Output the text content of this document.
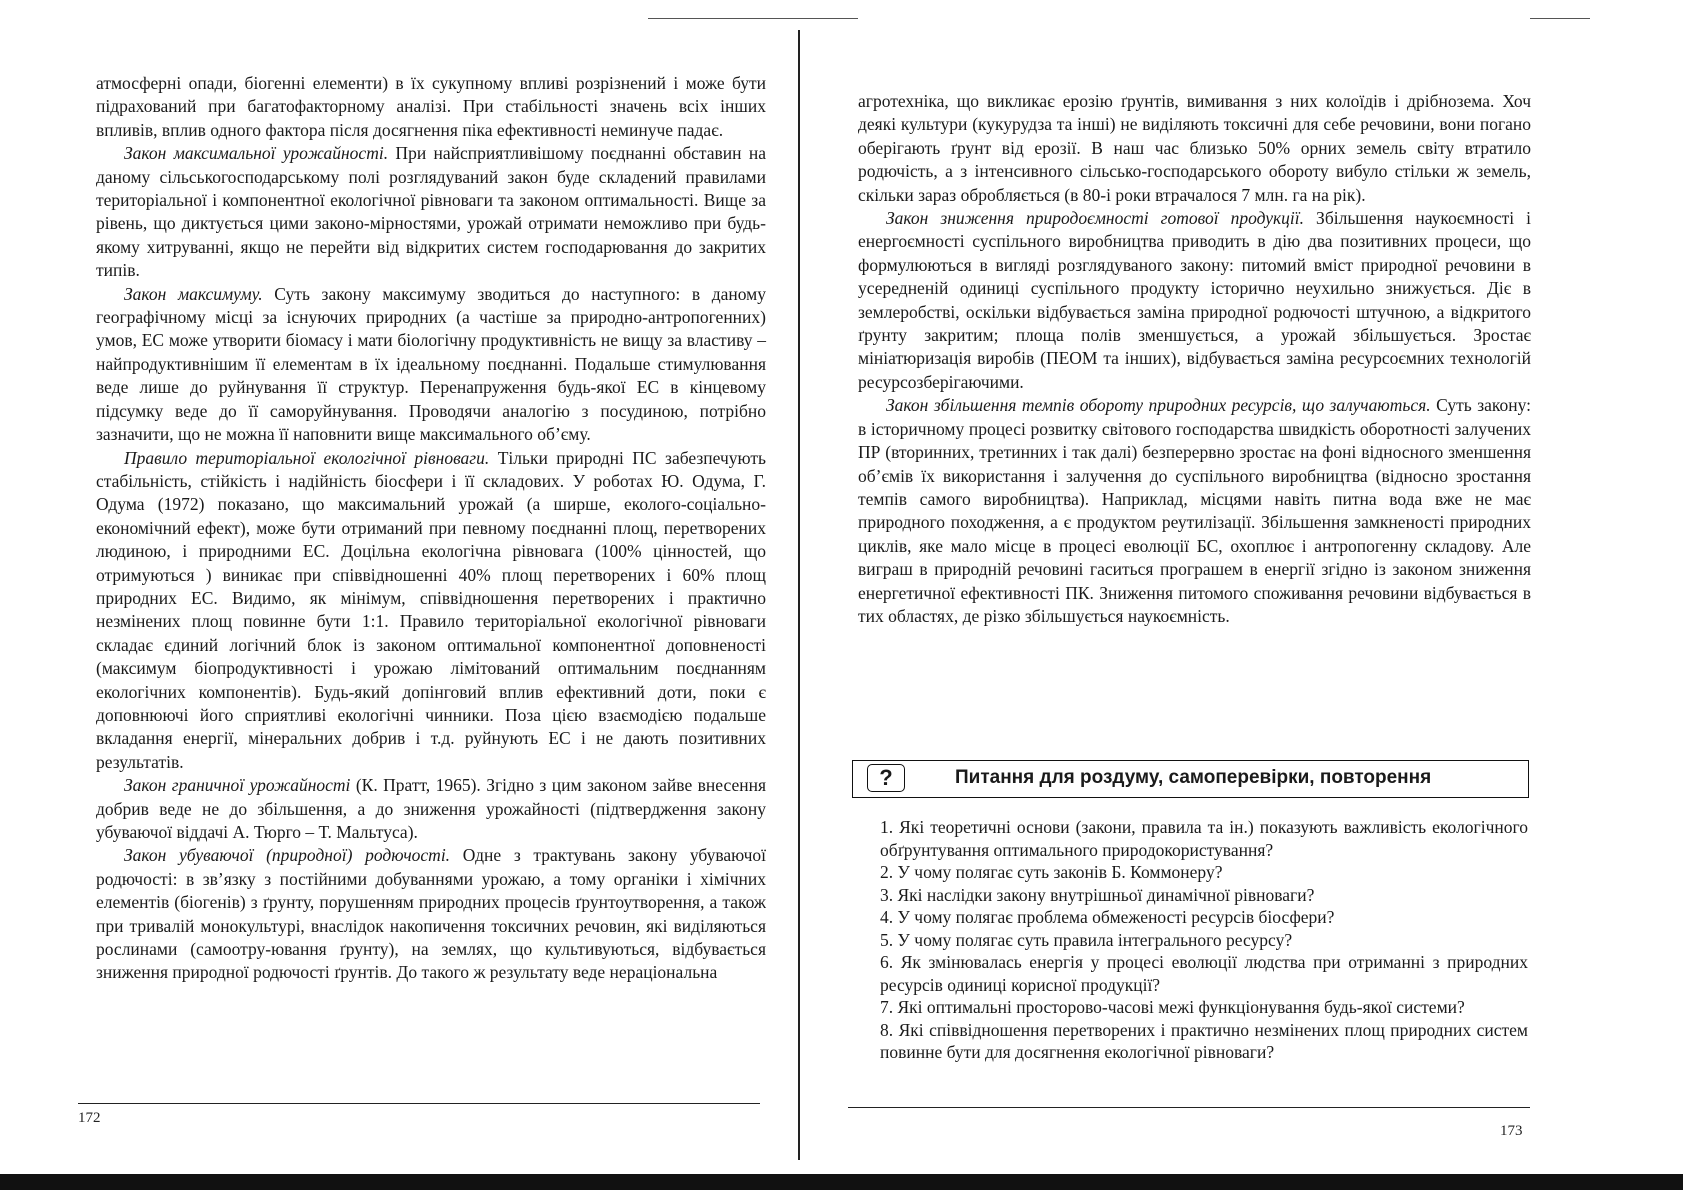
атмосферні опади, біогенні елементи) в їх сукупному впливі розрізнений і може бути підрахований при багатофакторному аналізі. При стабільності значень всіх інших впливів, вплив одного фактора після досягнення піка ефективності неминуче падає.

Закон максимальної урожайності. При найсприятливішому поєднанні обставин на даному сільськогосподарському полі розглядуваний закон буде складений правилами територіальної і компонентної екологічної рівноваги та законом оптимальності. Вище за рівень, що диктується цими законо-мірностями, урожай отримати неможливо при будь-якому хитруванні, якщо не перейти від відкритих систем господарювання до закритих типів.

Закон максимуму. Суть закону максимуму зводиться до наступного: в даному географічному місці за існуючих природних (а частіше за природно-антропогенних) умов, ЕС може утворити біомасу і мати біологічну продуктивність не вищу за властиву – найпродуктивнішим її елементам в їх ідеальному поєднанні. Подальше стимулювання веде лише до руйнування її структур. Перенапруження будь-якої ЕС в кінцевому підсумку веде до її саморуйнування. Проводячи аналогію з посудиною, потрібно зазначити, що не можна її наповнити вище максимального об’єму.

Правило територіальної екологічної рівноваги. Тільки природні ПС забезпечують стабільність, стійкість і надійність біосфери і її складових. У роботах Ю. Одума, Г. Одума (1972) показано, що максимальний урожай (а ширше, еколого-соціально-економічний ефект), може бути отриманий при певному поєднанні площ, перетворених людиною, і природними ЕС. Доцільна екологічна рівновага (100% цінностей, що отримуються ) виникає при співвідношенні 40% площ перетворених і 60% площ природних ЕС. Видимо, як мінімум, співвідношення перетворених і практично незмінених площ повинне бути 1:1. Правило територіальної екологічної рівноваги складає єдиний логічний блок із законом оптимальної компонентної доповненості (максимум біопродуктивності і урожаю лімітований оптимальним поєднанням екологічних компонентів). Будь-який допінговий вплив ефективний доти, поки є доповнюючі його сприятливі екологічні чинники. Поза цією взаємодією подальше вкладання енергії, мінеральних добрив і т.д. руйнують ЕС і не дають позитивних результатів.

Закон граничної урожайності (К. Пратт, 1965). Згідно з цим законом зайве внесення добрив веде не до збільшення, а до зниження урожайності (підтвердження закону убуваючої віддачі А. Тюрго – Т. Мальтуса).

Закон убуваючої (природної) родючості. Одне з трактувань закону убуваючої родючості: в зв’язку з постійними добуваннями урожаю, а тому органіки і хімічних елементів (біогенів) з ґрунту, порушенням природних процесів ґрунтоутворення, а також при тривалій монокультурі, внаслідок накопичення токсичних речовин, які виділяються рослинами (самоотру-ювання ґрунту), на землях, що культивуються, відбувається зниження природної родючості ґрунтів. До такого ж результату веде нераціональна

172

агротехніка, що викликає ерозію ґрунтів, вимивання з них колоїдів і дрібнозема. Хоч деякі культури (кукурудза та інші) не виділяють токсичні для себе речовини, вони погано оберігають ґрунт від ерозії. В наш час близько 50% орних земель світу втратило родючість, а з інтенсивного сільсько-господарського обороту вибуло стільки ж земель, скільки зараз обробляється (в 80-і роки втрачалося 7 млн. га на рік).

Закон зниження природоємності готової продукції. Збільшення наукоємності і енергоємності суспільного виробництва приводить в дію два позитивних процеси, що формулюються в вигляді розглядуваного закону: питомий вміст природної речовини в усередненій одиниці суспільного продукту історично неухильно знижується. Діє в землеробстві, оскільки відбувається заміна природної родючості штучною, а відкритого ґрунту закритим; площа полів зменшується, а урожай збільшується. Зростає мініатюризація виробів (ПЕОМ та інших), відбувається заміна ресурсоємних технологій ресурсозберігаючими.

Закон збільшення темпів обороту природних ресурсів, що залучаються. Суть закону: в історичному процесі розвитку світового господарства швидкість оборотності залучених ПР (вторинних, третинних і так далі) безперервно зростає на фоні відносного зменшення об’ємів їх використання і залучення до суспільного виробництва (відносно зростання темпів самого виробництва). Наприклад, місцями навіть питна вода вже не має природного походження, а є продуктом реутилізації. Збільшення замкненості природних циклів, яке мало місце в процесі еволюції БС, охоплює і антропогенну складову. Але виграш в природній речовині гаситься програшем в енергії згідно із законом зниження енергетичної ефективності ПК. Зниження питомого споживання речовини відбувається в тих областях, де різко збільшується наукоємність.

?	Питання для роздуму, самоперевірки, повторення
1. Які теоретичні основи (закони, правила та ін.) показують важливість екологічного обґрунтування оптимального природокористування?
2. У чому полягає суть законів Б. Коммонеру?
3. Які наслідки закону внутрішньої динамічної рівноваги?
4. У чому полягає проблема обмеженості ресурсів біосфери?
5. У чому полягає суть правила інтегрального ресурсу?
6. Як змінювалась енергія у процесі еволюції людства при отриманні з природних ресурсів одиниці корисної продукції?
7. Які оптимальні просторово-часові межі функціонування будь-якої системи?
8. Які співвідношення перетворених і практично незмінених площ природних систем повинне бути для досягнення екологічної рівноваги?
173
